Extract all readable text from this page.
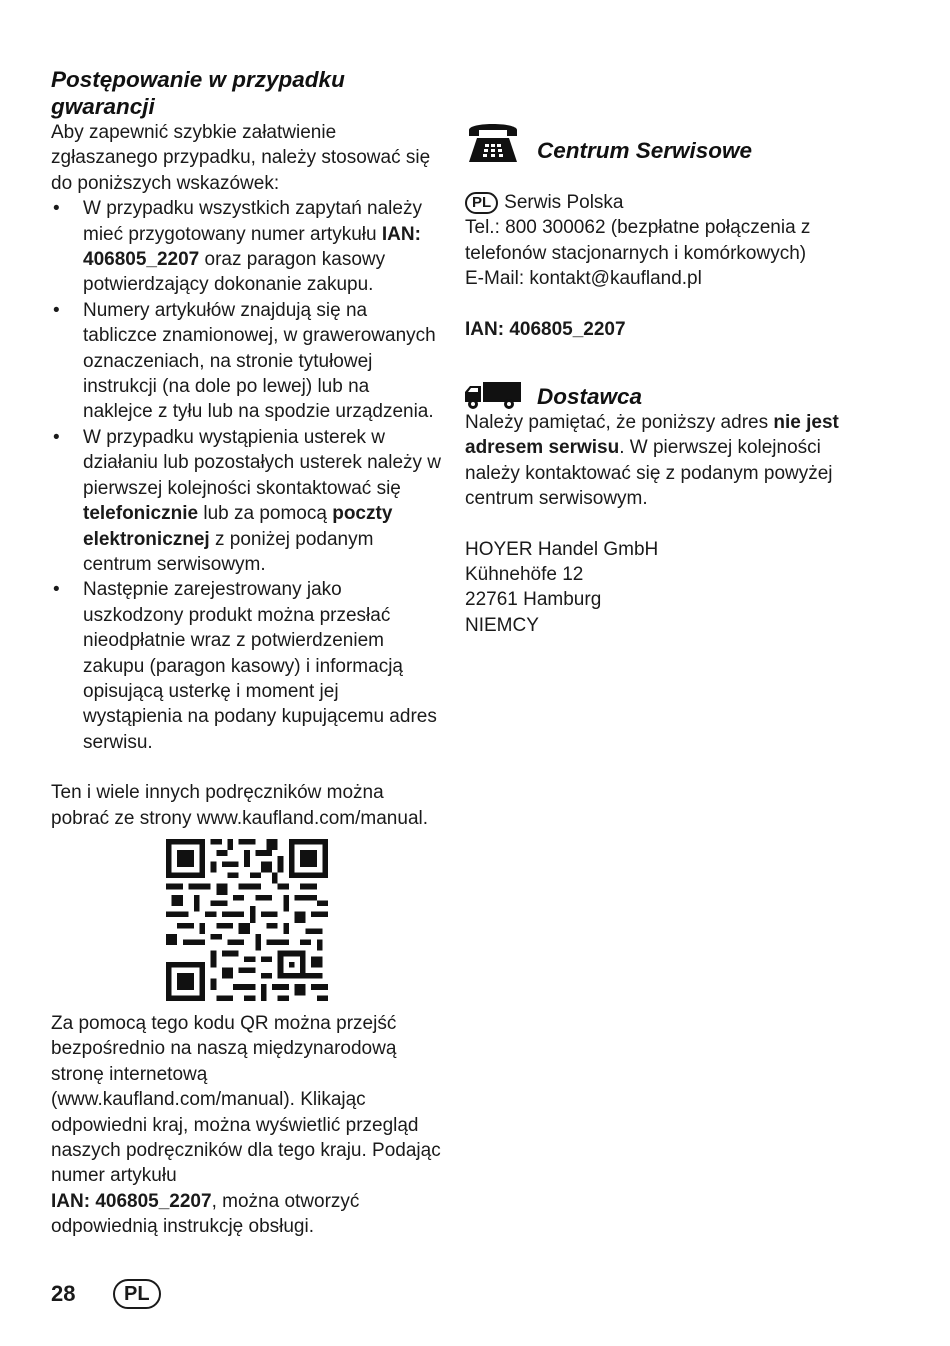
Postępowanie w przypadku
gwarancji

Aby zapewnić szybkie załatwienie zgłaszanego przypadku, należy stosować się do poniższych wskazówek:

• W przypadku wszystkich zapytań należy mieć przygotowany numer artykułu IAN: 406805_2207 oraz paragon kasowy potwierdzający dokonanie zakupu.
• Numery artykułów znajdują się na tabliczce znamionowej, w grawerowanych oznaczeniach, na stronie tytułowej instrukcji (na dole po lewej) lub na naklejce z tyłu lub na spodzie urządzenia.
• W przypadku wystąpienia usterek w działaniu lub pozostałych usterek należy w pierwszej kolejności skontaktować się telefonicznie lub za pomocą poczty elektronicznej z poniżej podanym centrum serwisowym.
• Następnie zarejestrowany jako uszkodzony produkt można przesłać nieodpłatnie wraz z potwierdzeniem zakupu (paragon kasowy) i informacją opisującą usterkę i moment jej wystąpienia na podany kupującemu adres serwisu.

Ten i wiele innych podręczników można pobrać ze strony www.kaufland.com/manual.

Za pomocą tego kodu QR można przejść bezpośrednio na naszą międzynarodową stronę internetową (www.kaufland.com/manual). Klikając odpowiedni kraj, można wyświetlić przegląd naszych podręczników dla tego kraju. Podając numer artykułu
IAN: 406805_2207, można otworzyć odpowiednią instrukcję obsługi.

Centrum Serwisowe

PL Serwis Polska

Tel.: 800 300062 (bezpłatne połączenia z telefonów stacjonarnych i komórkowych)

E-Mail: kontakt@kaufland.pl

IAN: 406805_2207

Dostawca

Należy pamiętać, że poniższy adres nie jest adresem serwisu. W pierwszej kolejności należy kontaktować się z podanym powyżej centrum serwisowym.

HOYER Handel GmbH
Kühnehöfe 12
22761 Hamburg
NIEMCY

28	PL
